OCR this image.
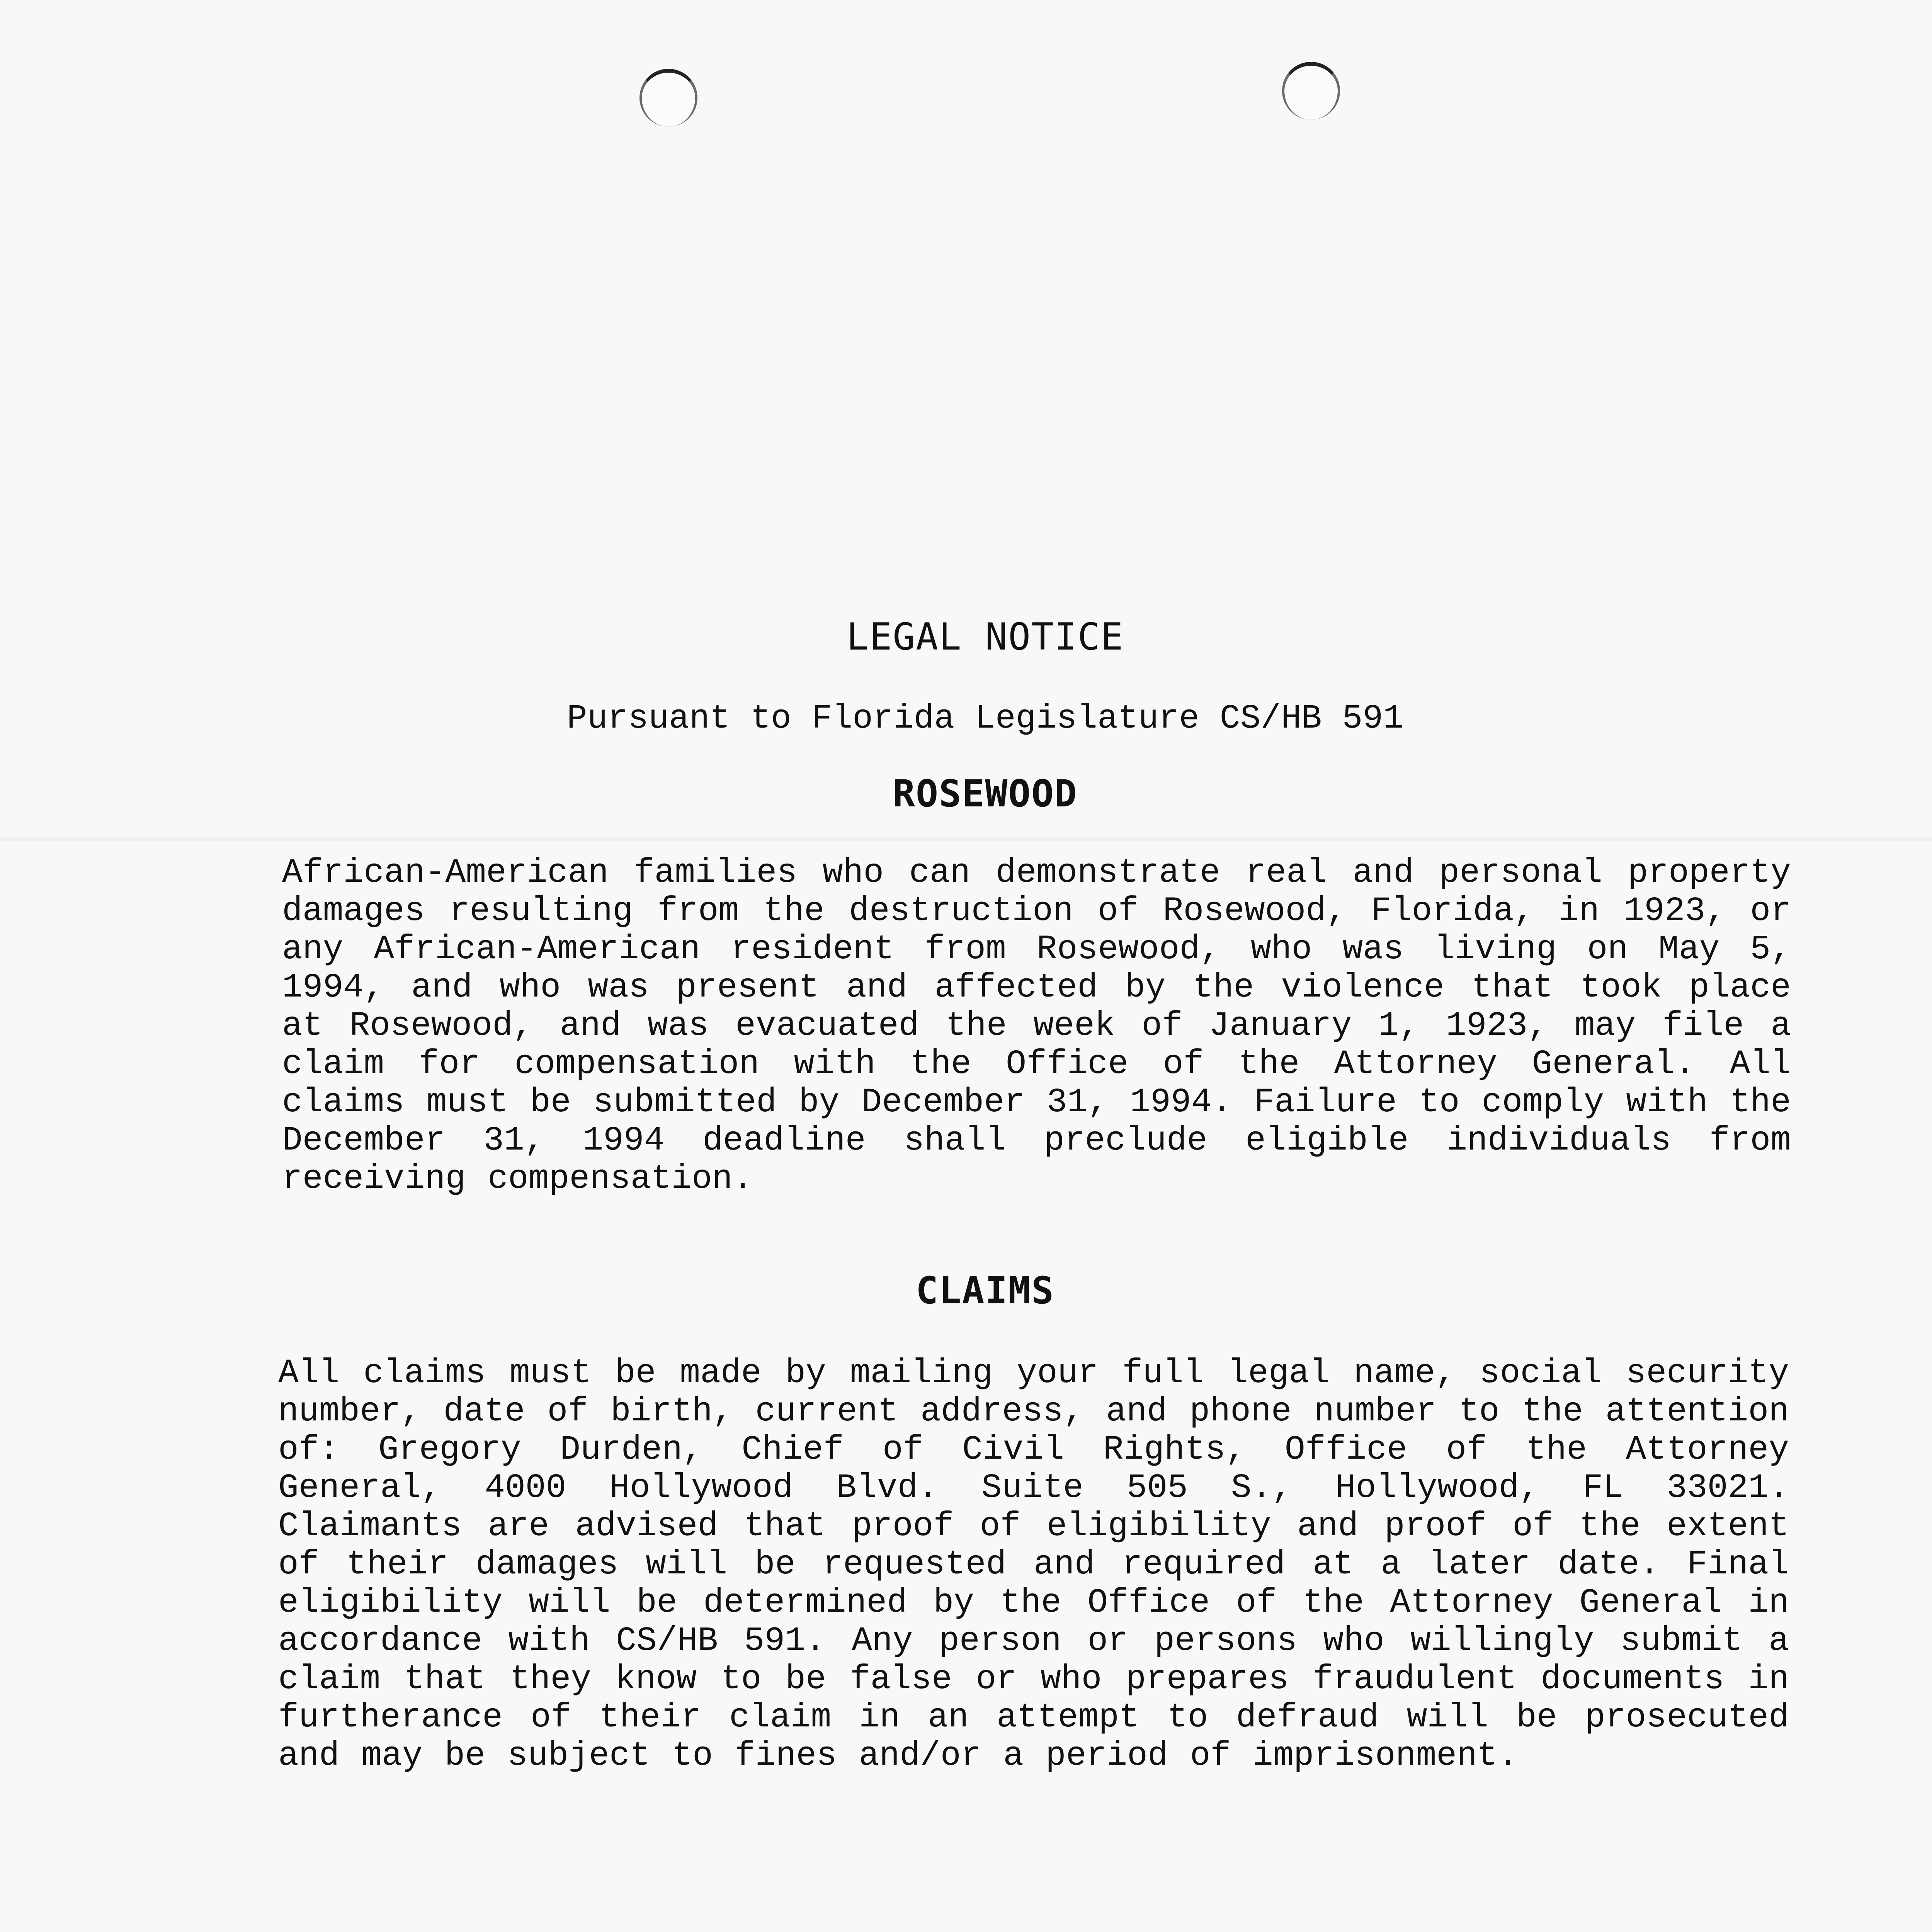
LEGAL NOTICE
Pursuant to Florida Legislature CS/HB 591
ROSEWOOD
African-American families who can demonstrate real and personal property damages resulting from the destruction of Rosewood, Florida, in 1923, or any African-American resident from Rosewood, who was living on May 5, 1994, and who was present and affected by the violence that took place at Rosewood, and was evacuated the week of January 1, 1923, may file a claim for compensation with the Office of the Attorney General. All claims must be submitted by December 31, 1994. Failure to comply with the December 31, 1994 deadline shall preclude eligible individuals from receiving compensation.
CLAIMS
All claims must be made by mailing your full legal name, social security number, date of birth, current address, and phone number to the attention of: Gregory Durden, Chief of Civil Rights, Office of the Attorney General, 4000 Hollywood Blvd. Suite 505 S., Hollywood, FL 33021. Claimants are advised that proof of eligibility and proof of the extent of their damages will be requested and required at a later date. Final eligibility will be determined by the Office of the Attorney General in accordance with CS/HB 591. Any person or persons who willingly submit a claim that they know to be false or who prepares fraudulent documents in furtherance of their claim in an attempt to defraud will be prosecuted and may be subject to fines and/or a period of imprisonment.
